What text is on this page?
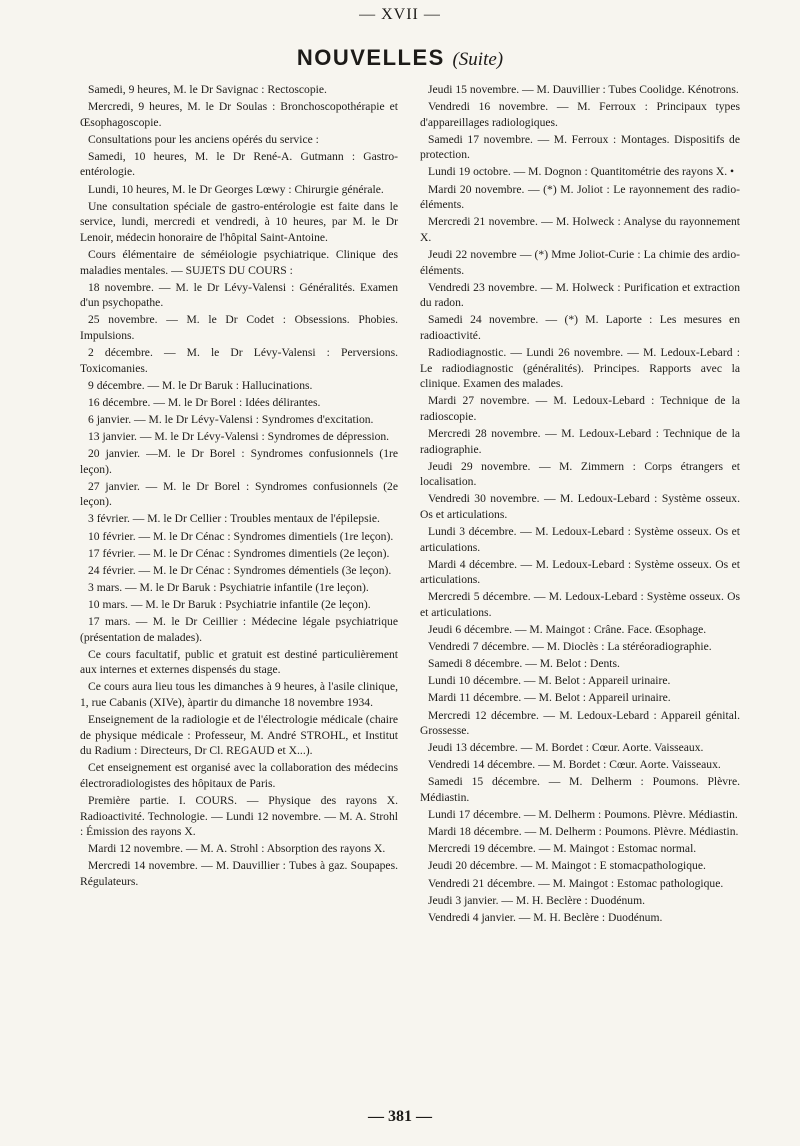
— XVII —
NOUVELLES (Suite)

Samedi, 9 heures, M. le Dr Savignac : Rectoscopie.

Mercredi, 9 heures, M. le Dr Soulas : Bronchoscopothérapie et Œsophagoscopie.

Consultations pour les anciens opérés du service :

Samedi, 10 heures, M. le Dr René-A. Gutmann : Gastro-entérologie.

Lundi, 10 heures, M. le Dr Georges Lœwy : Chirurgie générale.

Une consultation spéciale de gastro-entérologie est faite dans le service, lundi, mercredi et vendredi, à 10 heures, par M. le Dr Lenoir, médecin honoraire de l'hôpital Saint-Antoine.

Cours élémentaire de séméiologie psychiatrique. Clinique des maladies mentales. — SUJETS DU COURS :

18 novembre. — M. le Dr Lévy-Valensi : Généralités. Examen d'un psychopathe.

25 novembre. — M. le Dr Codet : Obsessions. Phobies. Impulsions.

2 décembre. — M. le Dr Lévy-Valensi : Perversions. Toxicomanies.

9 décembre. — M. le Dr Baruk : Hallucinations.

16 décembre. — M. le Dr Borel : Idées délirantes.

6 janvier. — M. le Dr Lévy-Valensi : Syndromes d'excitation.

13 janvier. — M. le Dr Lévy-Valensi : Syndromes de dépression.

20 janvier. —M. le Dr Borel : Syndromes confusionnels (1re leçon).

27 janvier. — M. le Dr Borel : Syndromes confusionnels (2e leçon).

3 février. — M. le Dr Cellier : Troubles mentaux de l'épilepsie.

10 février. — M. le Dr Cénac : Syndromes dimentiels (1re leçon).

17 février. — M. le Dr Cénac : Syndromes dimentiels (2e leçon).

24 février. — M. le Dr Cénac : Syndromes démentiels (3e leçon).

3 mars. — M. le Dr Baruk : Psychiatrie infantile (1re leçon).

10 mars. — M. le Dr Baruk : Psychiatrie infantile (2e leçon).

17 mars. — M. le Dr Ceillier : Médecine légale psychiatrique (présentation de malades).

Ce cours facultatif, public et gratuit est destiné particulièrement aux internes et externes dispensés du stage.

Ce cours aura lieu tous les dimanches à 9 heures, à l'asile clinique, 1, rue Cabanis (XIVe), àpartir du dimanche 18 novembre 1934.

Enseignement de la radiologie et de l'électrologie médicale (chaire de physique médicale : Professeur, M. André STROHL, et Institut du Radium : Directeurs, Dr Cl. REGAUD et X...).

Cet enseignement est organisé avec la collaboration des médecins électroradiologistes des hôpitaux de Paris.

Première partie. I. COURS. — Physique des rayons X. Radioactivité. Technologie. — Lundi 12 novembre. — M. A. Strohl : Émission des rayons X.

Mardi 12 novembre. — M. A. Strohl : Absorption des rayons X.

Mercredi 14 novembre. — M. Dauvillier : Tubes à gaz. Soupapes. Régulateurs.

Jeudi 15 novembre. — M. Dauvillier : Tubes Coolidge. Kénotrons.

Vendredi 16 novembre. — M. Ferroux : Principaux types d'appareillages radiologiques.

Samedi 17 novembre. — M. Ferroux : Montages. Dispositifs de protection.

Lundi 19 octobre. — M. Dognon : Quantitométrie des rayons X. •

Mardi 20 novembre. — (*) M. Joliot : Le rayonnement des radio-éléments.

Mercredi 21 novembre. — M. Holweck : Analyse du rayonnement X.

Jeudi 22 novembre — (*) Mme Joliot-Curie : La chimie des ardio-éléments.

Vendredi 23 novembre. — M. Holweck : Purification et extraction du radon.

Samedi 24 novembre. — (*) M. Laporte : Les mesures en radioactivité.

Radiodiagnostic. — Lundi 26 novembre. — M. Ledoux-Lebard : Le radiodiagnostic (généralités). Principes. Rapports avec la clinique. Examen des malades.

Mardi 27 novembre. — M. Ledoux-Lebard : Technique de la radioscopie.

Mercredi 28 novembre. — M. Ledoux-Lebard : Technique de la radiographie.

Jeudi 29 novembre. — M. Zimmern : Corps étrangers et localisation.

Vendredi 30 novembre. — M. Ledoux-Lebard : Système osseux. Os et articulations.

Lundi 3 décembre. — M. Ledoux-Lebard : Système osseux. Os et articulations.

Mardi 4 décembre. — M. Ledoux-Lebard : Système osseux. Os et articulations.

Mercredi 5 décembre. — M. Ledoux-Lebard : Système osseux. Os et articulations.

Jeudi 6 décembre. — M. Maingot : Crâne. Face. Œsophage.

Vendredi 7 décembre. — M. Dioclès : La stéréoradiographie.

Samedi 8 décembre. — M. Belot : Dents.

Lundi 10 décembre. — M. Belot : Appareil urinaire.

Mardi 11 décembre. — M. Belot : Appareil urinaire.

Mercredi 12 décembre. — M. Ledoux-Lebard : Appareil génital. Grossesse.

Jeudi 13 décembre. — M. Bordet : Cœur. Aorte. Vaisseaux.

Vendredi 14 décembre. — M. Bordet : Cœur. Aorte. Vaisseaux.

Samedi 15 décembre. — M. Delherm : Poumons. Plèvre. Médiastin.

Lundi 17 décembre. — M. Delherm : Poumons. Plèvre. Médiastin.

Mardi 18 décembre. — M. Delherm : Poumons. Plèvre. Médiastin.

Mercredi 19 décembre. — M. Maingot : Estomac normal.

Jeudi 20 décembre. — M. Maingot : E stomacpathologique.

Vendredi 21 décembre. — M. Maingot : Estomac pathologique.

Jeudi 3 janvier. — M. H. Beclère : Duodénum.

Vendredi 4 janvier. — M. H. Beclère : Duodénum.

— 381 —
